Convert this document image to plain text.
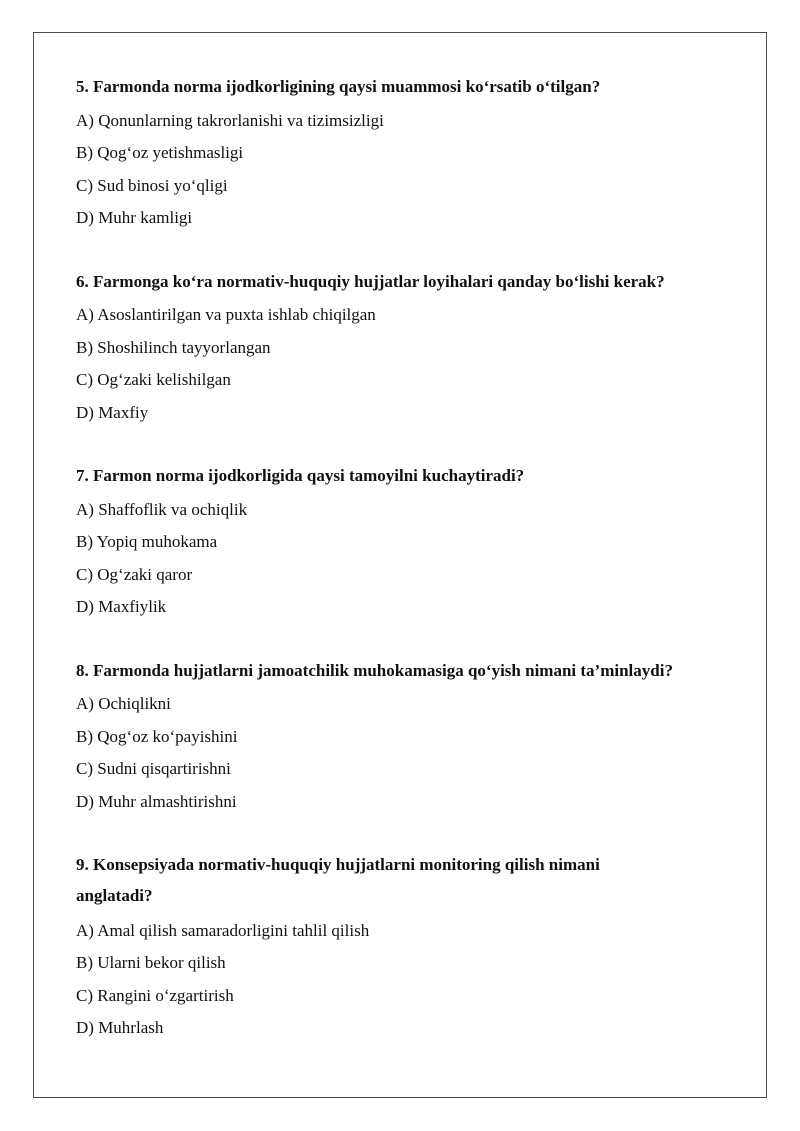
5. Farmonda norma ijodkorligining qaysi muammosi ko‘rsatib o‘tilgan?

A) Qonunlarning takrorlanishi va tizimsizligi

B) Qog‘oz yetishmasligi

C) Sud binosi yo‘qligi

D) Muhr kamligi

6. Farmonga ko‘ra normativ-huquqiy hujjatlar loyihalari qanday bo‘lishi kerak?

A) Asoslantirilgan va puxta ishlab chiqilgan

B) Shoshilinch tayyorlangan

C) Og‘zaki kelishilgan

D) Maxfiy

7. Farmon norma ijodkorligida qaysi tamoyilni kuchaytiradi?

A) Shaffoflik va ochiqlik

B) Yopiq muhokama

C) Og‘zaki qaror

D) Maxfiylik

8. Farmonda hujjatlarni jamoatchilik muhokamasiga qo‘yish nimani ta’minlaydi?

A) Ochiqlikni

B) Qog‘oz ko‘payishini

C) Sudni qisqartirishni

D) Muhr almashtirishni

9. Konsepsiyada normativ-huquqiy hujjatlarni monitoring qilish nimani

anglatadi?

A) Amal qilish samaradorligini tahlil qilish

B) Ularni bekor qilish

C) Rangini o‘zgartirish

D) Muhrlash
